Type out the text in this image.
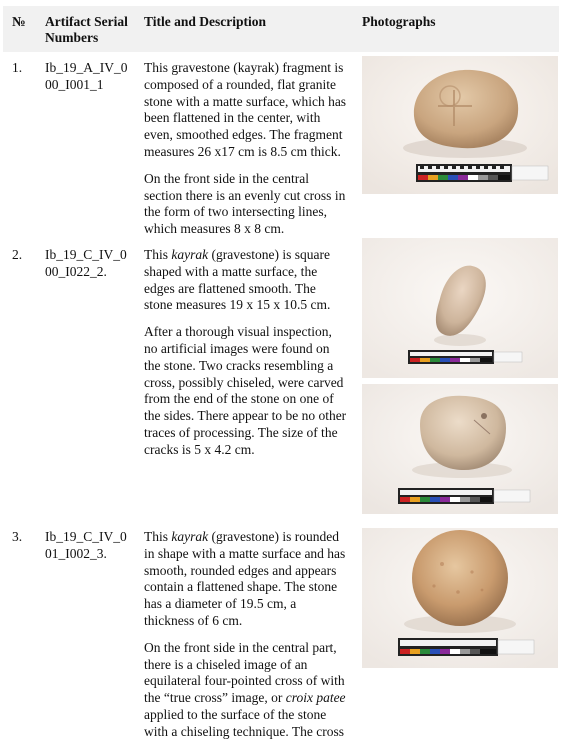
№ Artifact Serial Numbers
Title and Description	Photographs
1. Ib_19_A_IV_0
00_I001_1
This gravestone (kayrak) fragment is
composed of a rounded, flat granite
stone with a matte surface, which has
been flattened in the center, with
even, smoothed edges. The fragment
measures 26 x17 cm is 8.5 cm thick.
On the front side in the central
section there is an evenly cut cross in
the form of two intersecting lines,
which measures 8 x 8 cm.
2. Ib_19_C_IV_0
00_I022_2.
This kayrak (gravestone) is square
shaped with a matte surface, the
edges are flattened smooth. The
stone measures 19 x 15 x 10.5 cm.
After a thorough visual inspection,
no artificial images were found on
the stone. Two cracks resembling a
cross, possibly chiseled, were carved
from the end of the stone on one of
the sides. There appear to be no other
traces of processing. The size of the
cracks is 5 x 4.2 cm.
3. Ib_19_C_IV_0
01_I002_3.
This kayrak (gravestone) is rounded
in shape with a matte surface and has
smooth, rounded edges and appears
contain a flattened shape. The stone
has a diameter of 19.5 cm, a
thickness of 6 cm.
On the front side in the central part,
there is a chiseled image of an
equilateral four-pointed cross of with
the “true cross” image, or croix patee
applied to the surface of the stone
with a chiseling technique. The cross
